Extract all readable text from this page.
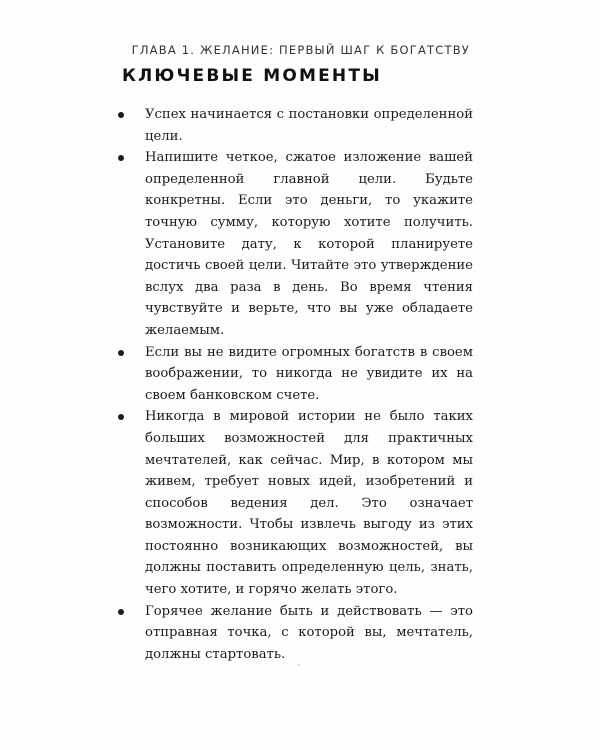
ГЛАВА 1. ЖЕЛАНИЕ: ПЕРВЫЙ ШАГ К БОГАТСТВУ
КЛЮЧЕВЫЕ МОМЕНТЫ
Успех начинается с постановки определенной цели.
Напишите четкое, сжатое изложение вашей определенной главной цели. Будьте конкретны. Если это деньги, то укажите точную сумму, которую хотите получить. Установите дату, к которой планируете достичь своей цели. Читайте это утверждение вслух два раза в день. Во время чтения чувствуйте и верьте, что вы уже обладаете желаемым.
Если вы не видите огромных богатств в своем воображении, то никогда не увидите их на своем банковском счете.
Никогда в мировой истории не было таких больших возможностей для практичных мечтателей, как сейчас. Мир, в котором мы живем, требует новых идей, изобретений и способов ведения дел. Это означает возможности. Чтобы извлечь выгоду из этих постоянно возникающих возможностей, вы должны поставить определенную цель, знать, чего хотите, и горячо желать этого.
Горячее желание быть и действовать — это отправная точка, с которой вы, мечтатель, должны стартовать.
